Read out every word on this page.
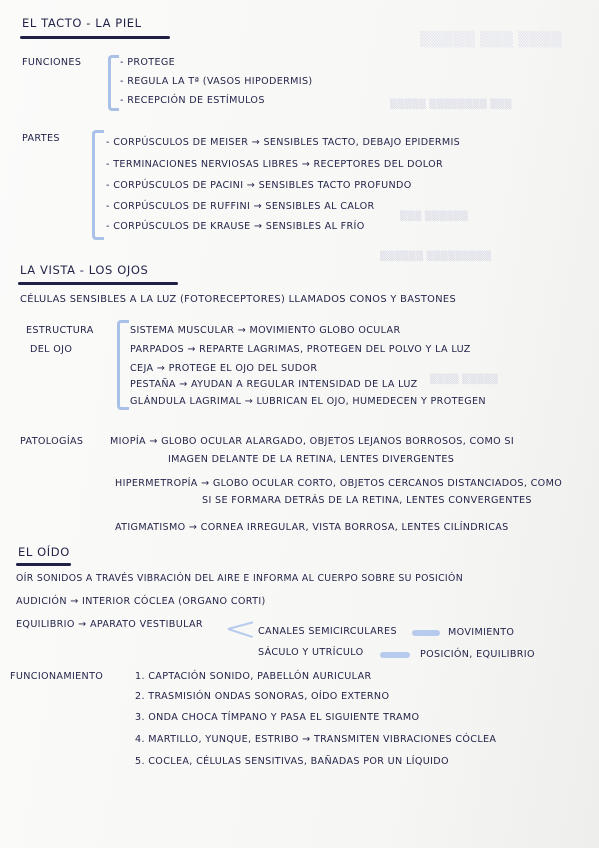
▒▒▒▒▒ ▒▒▒ ▒▒▒▒
▒▒▒▒▒ ▒▒▒▒▒▒▒▒ ▒▒▒
▒▒▒ ▒▒▒▒▒▒
▒▒▒▒▒▒ ▒▒▒▒▒▒▒▒▒
▒▒▒▒ ▒▒▒▒▒
EL TACTO - LA PIEL
FUNCIONES	- PROTEGE
- REGULA LA Tª (VASOS HIPODERMIS)
- RECEPCIÓN DE ESTÍMULOS
PARTES	- CORPÚSCULOS DE MEISER → SENSIBLES TACTO, DEBAJO EPIDERMIS
- TERMINACIONES NERVIOSAS LIBRES → RECEPTORES DEL DOLOR
- CORPÚSCULOS DE PACINI → SENSIBLES TACTO PROFUNDO
- CORPÚSCULOS DE RUFFINI → SENSIBLES AL CALOR
- CORPÚSCULOS DE KRAUSE → SENSIBLES AL FRÍO
LA VISTA - LOS OJOS
CÉLULAS SENSIBLES A LA LUZ (FOTORECEPTORES) LLAMADOS CONOS Y BASTONES
ESTRUCTURA
DEL OJO
SISTEMA MUSCULAR → MOVIMIENTO GLOBO OCULAR
PARPADOS → REPARTE LAGRIMAS, PROTEGEN DEL POLVO Y LA LUZ
CEJA → PROTEGE EL OJO DEL SUDOR
PESTAÑA → AYUDAN A REGULAR INTENSIDAD DE LA LUZ
GLÁNDULA LAGRIMAL → LUBRICAN EL OJO, HUMEDECEN Y PROTEGEN
PATOLOGÍAS	MIOPÍA → GLOBO OCULAR ALARGADO, OBJETOS LEJANOS BORROSOS, COMO SI
IMAGEN DELANTE DE LA RETINA, LENTES DIVERGENTES
HIPERMETROPÍA → GLOBO OCULAR CORTO, OBJETOS CERCANOS DISTANCIADOS, COMO
SI SE FORMARA DETRÁS DE LA RETINA, LENTES CONVERGENTES
ATIGMATISMO → CORNEA IRREGULAR, VISTA BORROSA, LENTES CILÍNDRICAS
EL OÍDO
OÍR SONIDOS A TRAVÉS VIBRACIÓN DEL AIRE E INFORMA AL CUERPO SOBRE SU POSICIÓN
AUDICIÓN → INTERIOR CÓCLEA (ORGANO CORTI)
EQUILIBRIO → APARATO VESTIBULAR
CANALES SEMICIRCULARES	MOVIMIENTO
SÁCULO Y UTRÍCULO	POSICIÓN, EQUILIBRIO
FUNCIONAMIENTO	1. CAPTACIÓN SONIDO, PABELLÓN AURICULAR
2. TRASMISIÓN ONDAS SONORAS, OÍDO EXTERNO
3. ONDA CHOCA TÍMPANO Y PASA EL SIGUIENTE TRAMO
4. MARTILLO, YUNQUE, ESTRIBO → TRANSMITEN VIBRACIONES CÓCLEA
5. COCLEA, CÉLULAS SENSITIVAS, BAÑADAS POR UN LÍQUIDO
